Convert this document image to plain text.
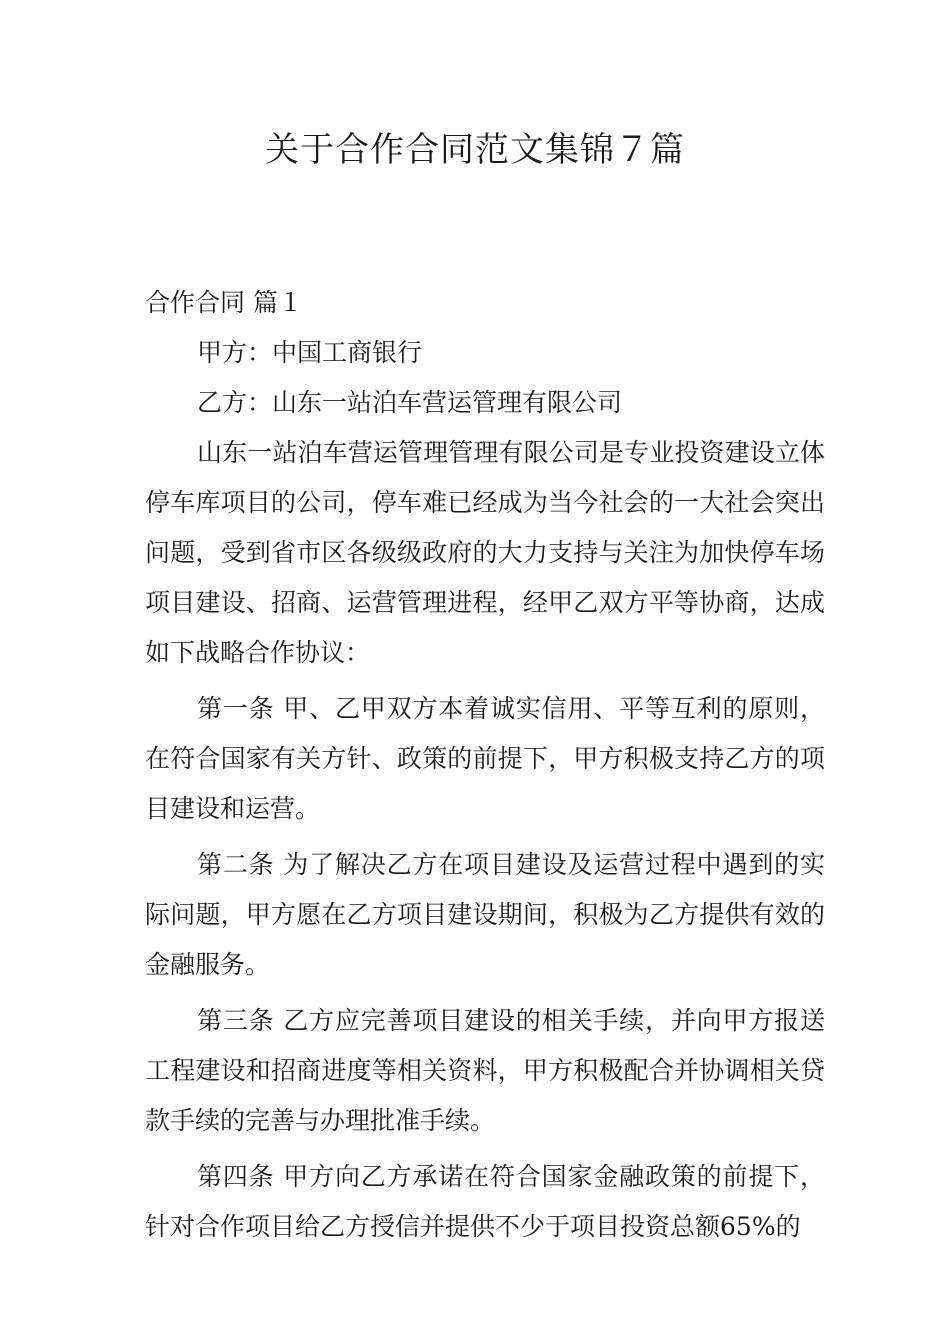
关于合作合同范文集锦７篇

合作合同 篇１

甲方：中国工商银行

乙方：山东一站泊车营运管理有限公司

山东一站泊车营运管理管理有限公司是专业投资建设立体停车库项目的公司，停车难已经成为当今社会的一大社会突出问题，受到省市区各级级政府的大力支持与关注为加快停车场项目建设、招商、运营管理进程，经甲乙双方平等协商，达成如下战略合作协议：

第一条 甲、乙甲双方本着诚实信用、平等互利的原则，在符合国家有关方针、政策的前提下，甲方积极支持乙方的项目建设和运营。

第二条 为了解决乙方在项目建设及运营过程中遇到的实际问题，甲方愿在乙方项目建设期间，积极为乙方提供有效的金融服务。

第三条 乙方应完善项目建设的相关手续，并向甲方报送工程建设和招商进度等相关资料，甲方积极配合并协调相关贷款手续的完善与办理批准手续。

第四条 甲方向乙方承诺在符合国家金融政策的前提下，针对合作项目给乙方授信并提供不少于项目投资总额65%的
